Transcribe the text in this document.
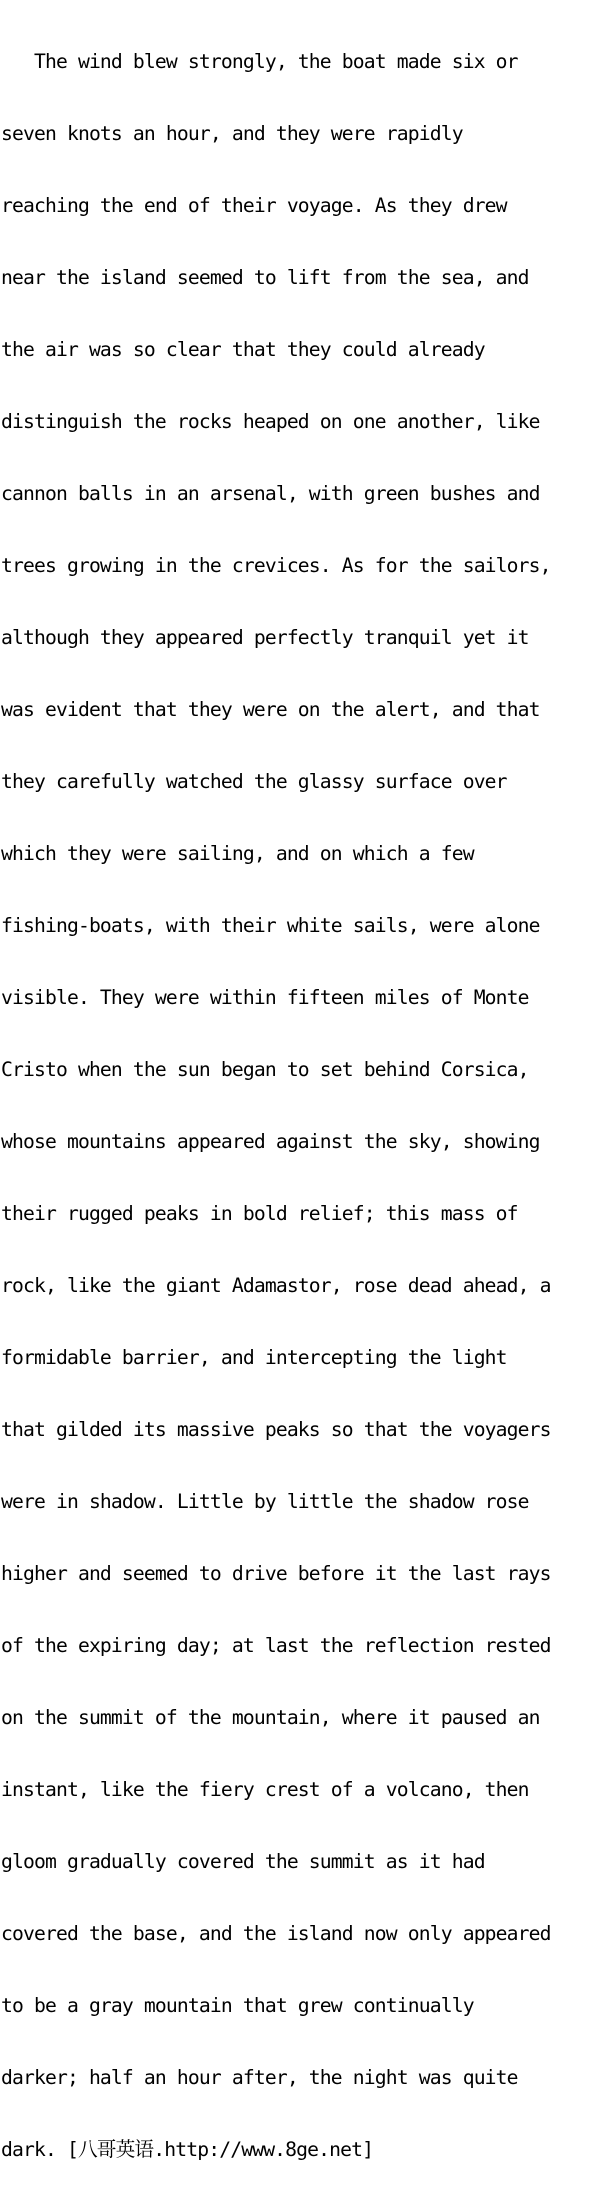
The wind blew strongly, the boat made six or

seven knots an hour, and they were rapidly

reaching the end of their voyage. As they drew

near the island seemed to lift from the sea, and

the air was so clear that they could already

distinguish the rocks heaped on one another, like

cannon balls in an arsenal, with green bushes and

trees growing in the crevices. As for the sailors,

although they appeared perfectly tranquil yet it

was evident that they were on the alert, and that

they carefully watched the glassy surface over

which they were sailing, and on which a few

fishing-boats, with their white sails, were alone

visible. They were within fifteen miles of Monte

Cristo when the sun began to set behind Corsica,

whose mountains appeared against the sky, showing

their rugged peaks in bold relief; this mass of

rock, like the giant Adamastor, rose dead ahead, a

formidable barrier, and intercepting the light

that gilded its massive peaks so that the voyagers

were in shadow. Little by little the shadow rose

higher and seemed to drive before it the last rays

of the expiring day; at last the reflection rested

on the summit of the mountain, where it paused an

instant, like the fiery crest of a volcano, then

gloom gradually covered the summit as it had

covered the base, and the island now only appeared

to be a gray mountain that grew continually

darker; half an hour after, the night was quite

dark. [八哥英语.http://www.8ge.net]
